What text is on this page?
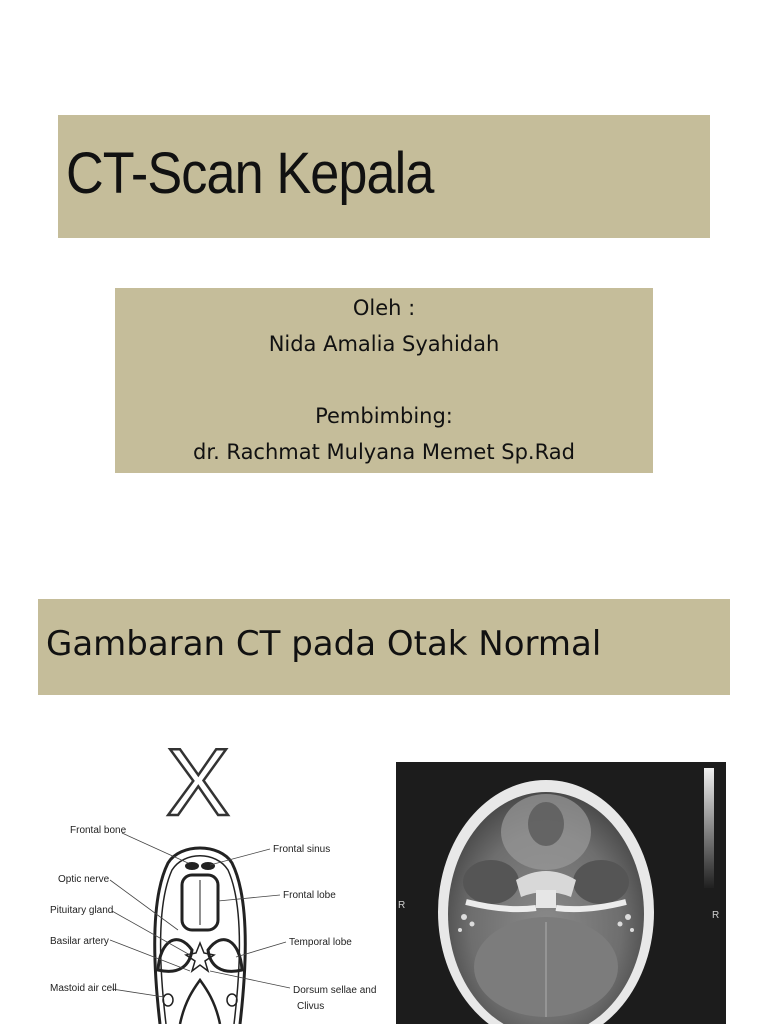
CT-Scan Kepala
Oleh :
Nida Amalia Syahidah
Pembimbing:
dr. Rachmat Mulyana Memet Sp.Rad
Gambaran CT pada Otak Normal
X
Frontal bone
Optic nerve
Pituitary gland
Basilar artery
Mastoid air cell
Frontal sinus
Frontal lobe
Temporal lobe
Dorsum sellae and
Clivus
R
R
